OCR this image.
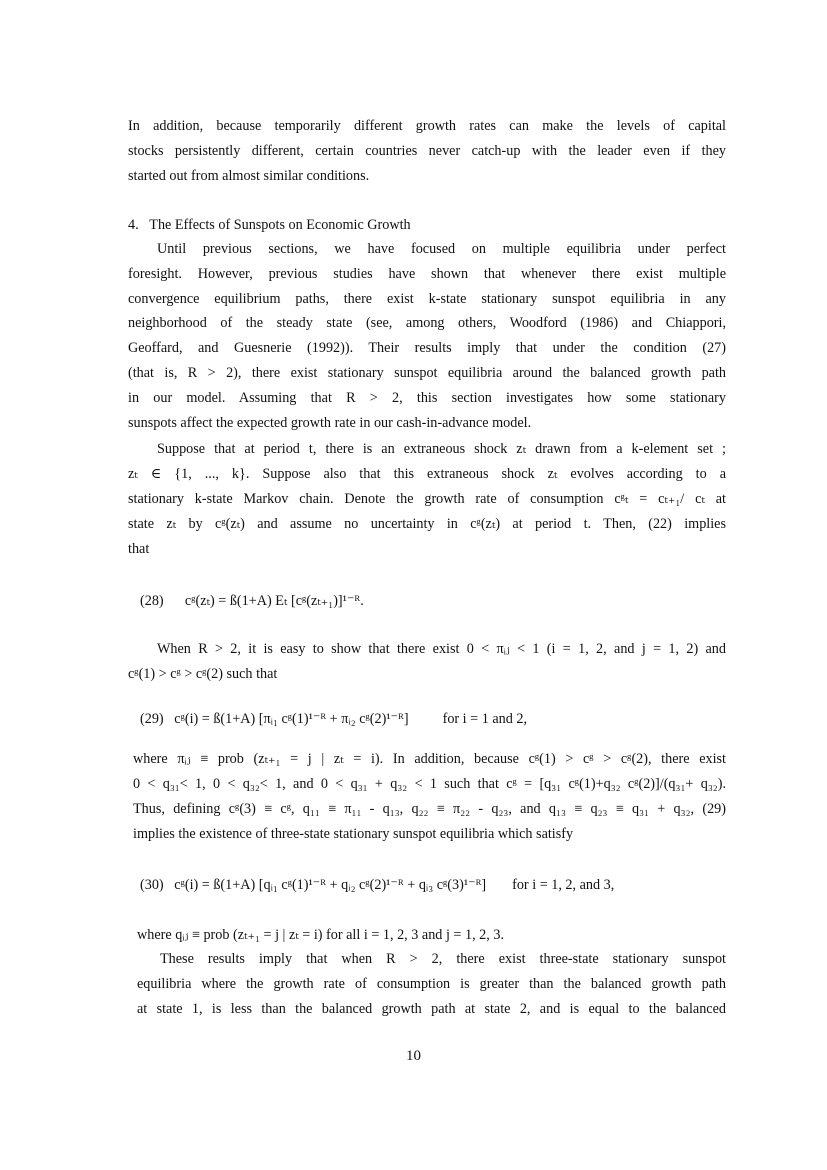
In addition, because temporarily different growth rates can make the levels of capital
stocks persistently different, certain countries never catch-up with the leader even if they
started out from almost similar conditions.
4. The Effects of Sunspots on Economic Growth
Until previous sections, we have focused on multiple equilibria under perfect
foresight. However, previous studies have shown that whenever there exist multiple
convergence equilibrium paths, there exist k-state stationary sunspot equilibria in any
neighborhood of the steady state (see, among others, Woodford (1986) and Chiappori,
Geoffard, and Guesnerie (1992)). Their results imply that under the condition (27)
(that is, R > 2), there exist stationary sunspot equilibria around the balanced growth path
in our model. Assuming that R > 2, this section investigates how some stationary
sunspots affect the expected growth rate in our cash-in-advance model.
Suppose that at period t, there is an extraneous shock zₜ drawn from a k-element set ;
zₜ ∈ {1, ..., k}. Suppose also that this extraneous shock zₜ evolves according to a
stationary k-state Markov chain. Denote the growth rate of consumption cᵍₜ = cₜ₊₁/ cₜ at
state zₜ by cᵍ(zₜ) and assume no uncertainty in cᵍ(zₜ) at period t. Then, (22) implies
that
(28) cᵍ(zₜ) = ß(1+A) Eₜ [cᵍ(zₜ₊₁)]¹⁻ᴿ.
When R > 2, it is easy to show that there exist 0 < πᵢⱼ < 1 (i = 1, 2, and j = 1, 2) and
cᵍ(1) > cᵍ > cᵍ(2) such that
(29) cᵍ(i) = ß(1+A) [πᵢ₁ cᵍ(1)¹⁻ᴿ + πᵢ₂ cᵍ(2)¹⁻ᴿ] for i = 1 and 2,
where πᵢⱼ ≡ prob (zₜ₊₁ = j | zₜ = i). In addition, because cᵍ(1) > cᵍ > cᵍ(2), there exist
0 < q₃₁< 1, 0 < q₃₂< 1, and 0 < q₃₁ + q₃₂ < 1 such that cᵍ = [q₃₁ cᵍ(1)+q₃₂ cᵍ(2)]/(q₃₁+ q₃₂).
Thus, defining cᵍ(3) ≡ cᵍ, q₁₁ ≡ π₁₁ - q₁₃, q₂₂ ≡ π₂₂ - q₂₃, and q₁₃ ≡ q₂₃ ≡ q₃₁ + q₃₂, (29)
implies the existence of three-state stationary sunspot equilibria which satisfy
(30) cᵍ(i) = ß(1+A) [qᵢ₁ cᵍ(1)¹⁻ᴿ + qᵢ₂ cᵍ(2)¹⁻ᴿ + qᵢ₃ cᵍ(3)¹⁻ᴿ] for i = 1, 2, and 3,
where qᵢⱼ ≡ prob (zₜ₊₁ = j | zₜ = i) for all i = 1, 2, 3 and j = 1, 2, 3.
These results imply that when R > 2, there exist three-state stationary sunspot
equilibria where the growth rate of consumption is greater than the balanced growth path
at state 1, is less than the balanced growth path at state 2, and is equal to the balanced
10
